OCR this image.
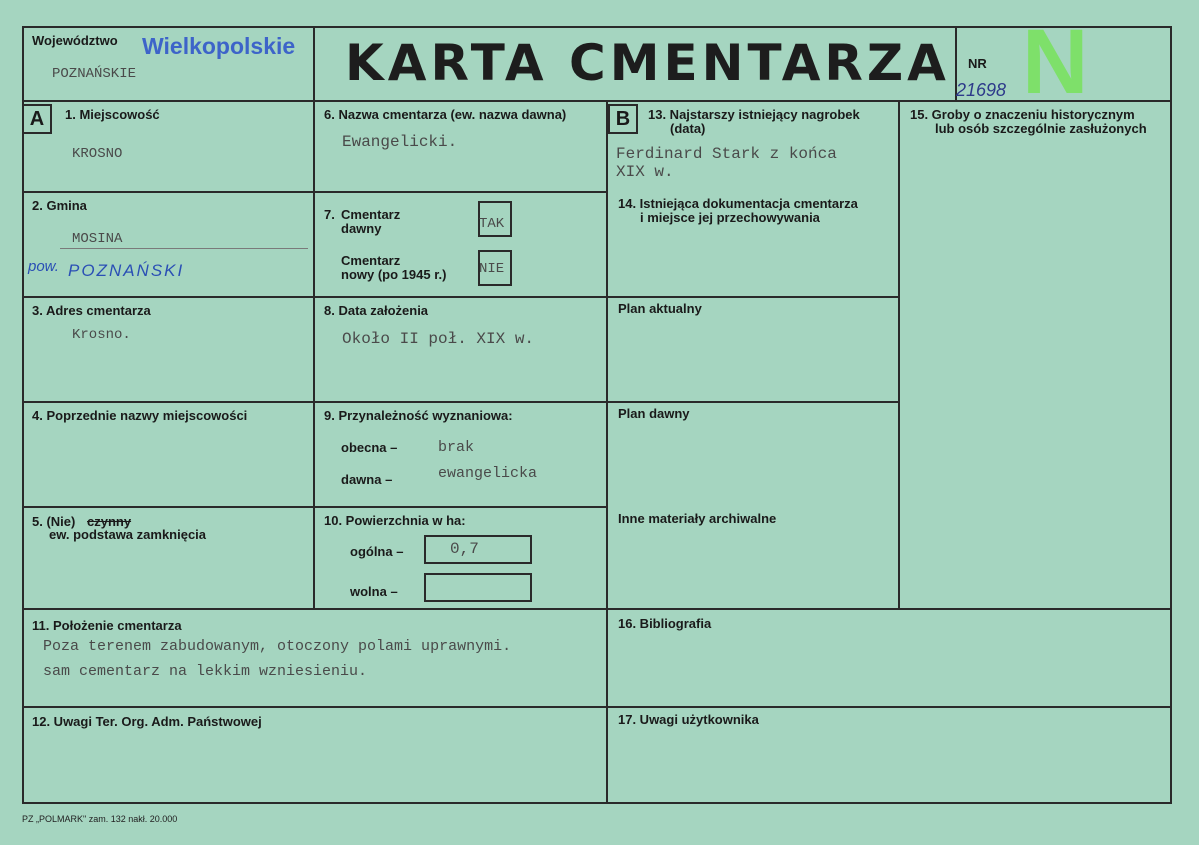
Województwo Wielkopolskie
POZNAŃSKIE	KARTA CMENTARZA NR
21698 N
A	1. Miejscowość
KROSNO
2. Gmina
MOSINA
pow. POZNAŃSKI
3. Adres cmentarza
Krosno.
4. Poprzednie nazwy miejscowości
5. (Nie) czynny
ew. podstawa zamknięcia
6. Nazwa cmentarza (ew. nazwa dawna)
Ewangelicki.
7. Cmentarz
dawny	TAK
Cmentarz
nowy (po 1945 r.) NIE
8. Data założenia
Około II poł. XIX w.
9. Przynależność wyznaniowa:
obecna –	brak
dawna –	ewangelicka
10. Powierzchnia w ha:
ogólna –	0,7
wolna –
B	13. Najstarszy istniejący nagrobek
(data)
Ferdinard Stark z końca
XIX w.
14. Istniejąca dokumentacja cmentarza
i miejsce jej przechowywania
Plan aktualny
Plan dawny
Inne materiały archiwalne
15. Groby o znaczeniu historycznym
lub osób szczególnie zasłużonych
11. Położenie cmentarza
Poza terenem zabudowanym, otoczony polami uprawnymi.
sam cementarz na lekkim wzniesieniu.
16. Bibliografia
12. Uwagi Ter. Org. Adm. Państwowej	17. Uwagi użytkownika
PZ „POLMARK" zam. 132 nakł. 20.000
